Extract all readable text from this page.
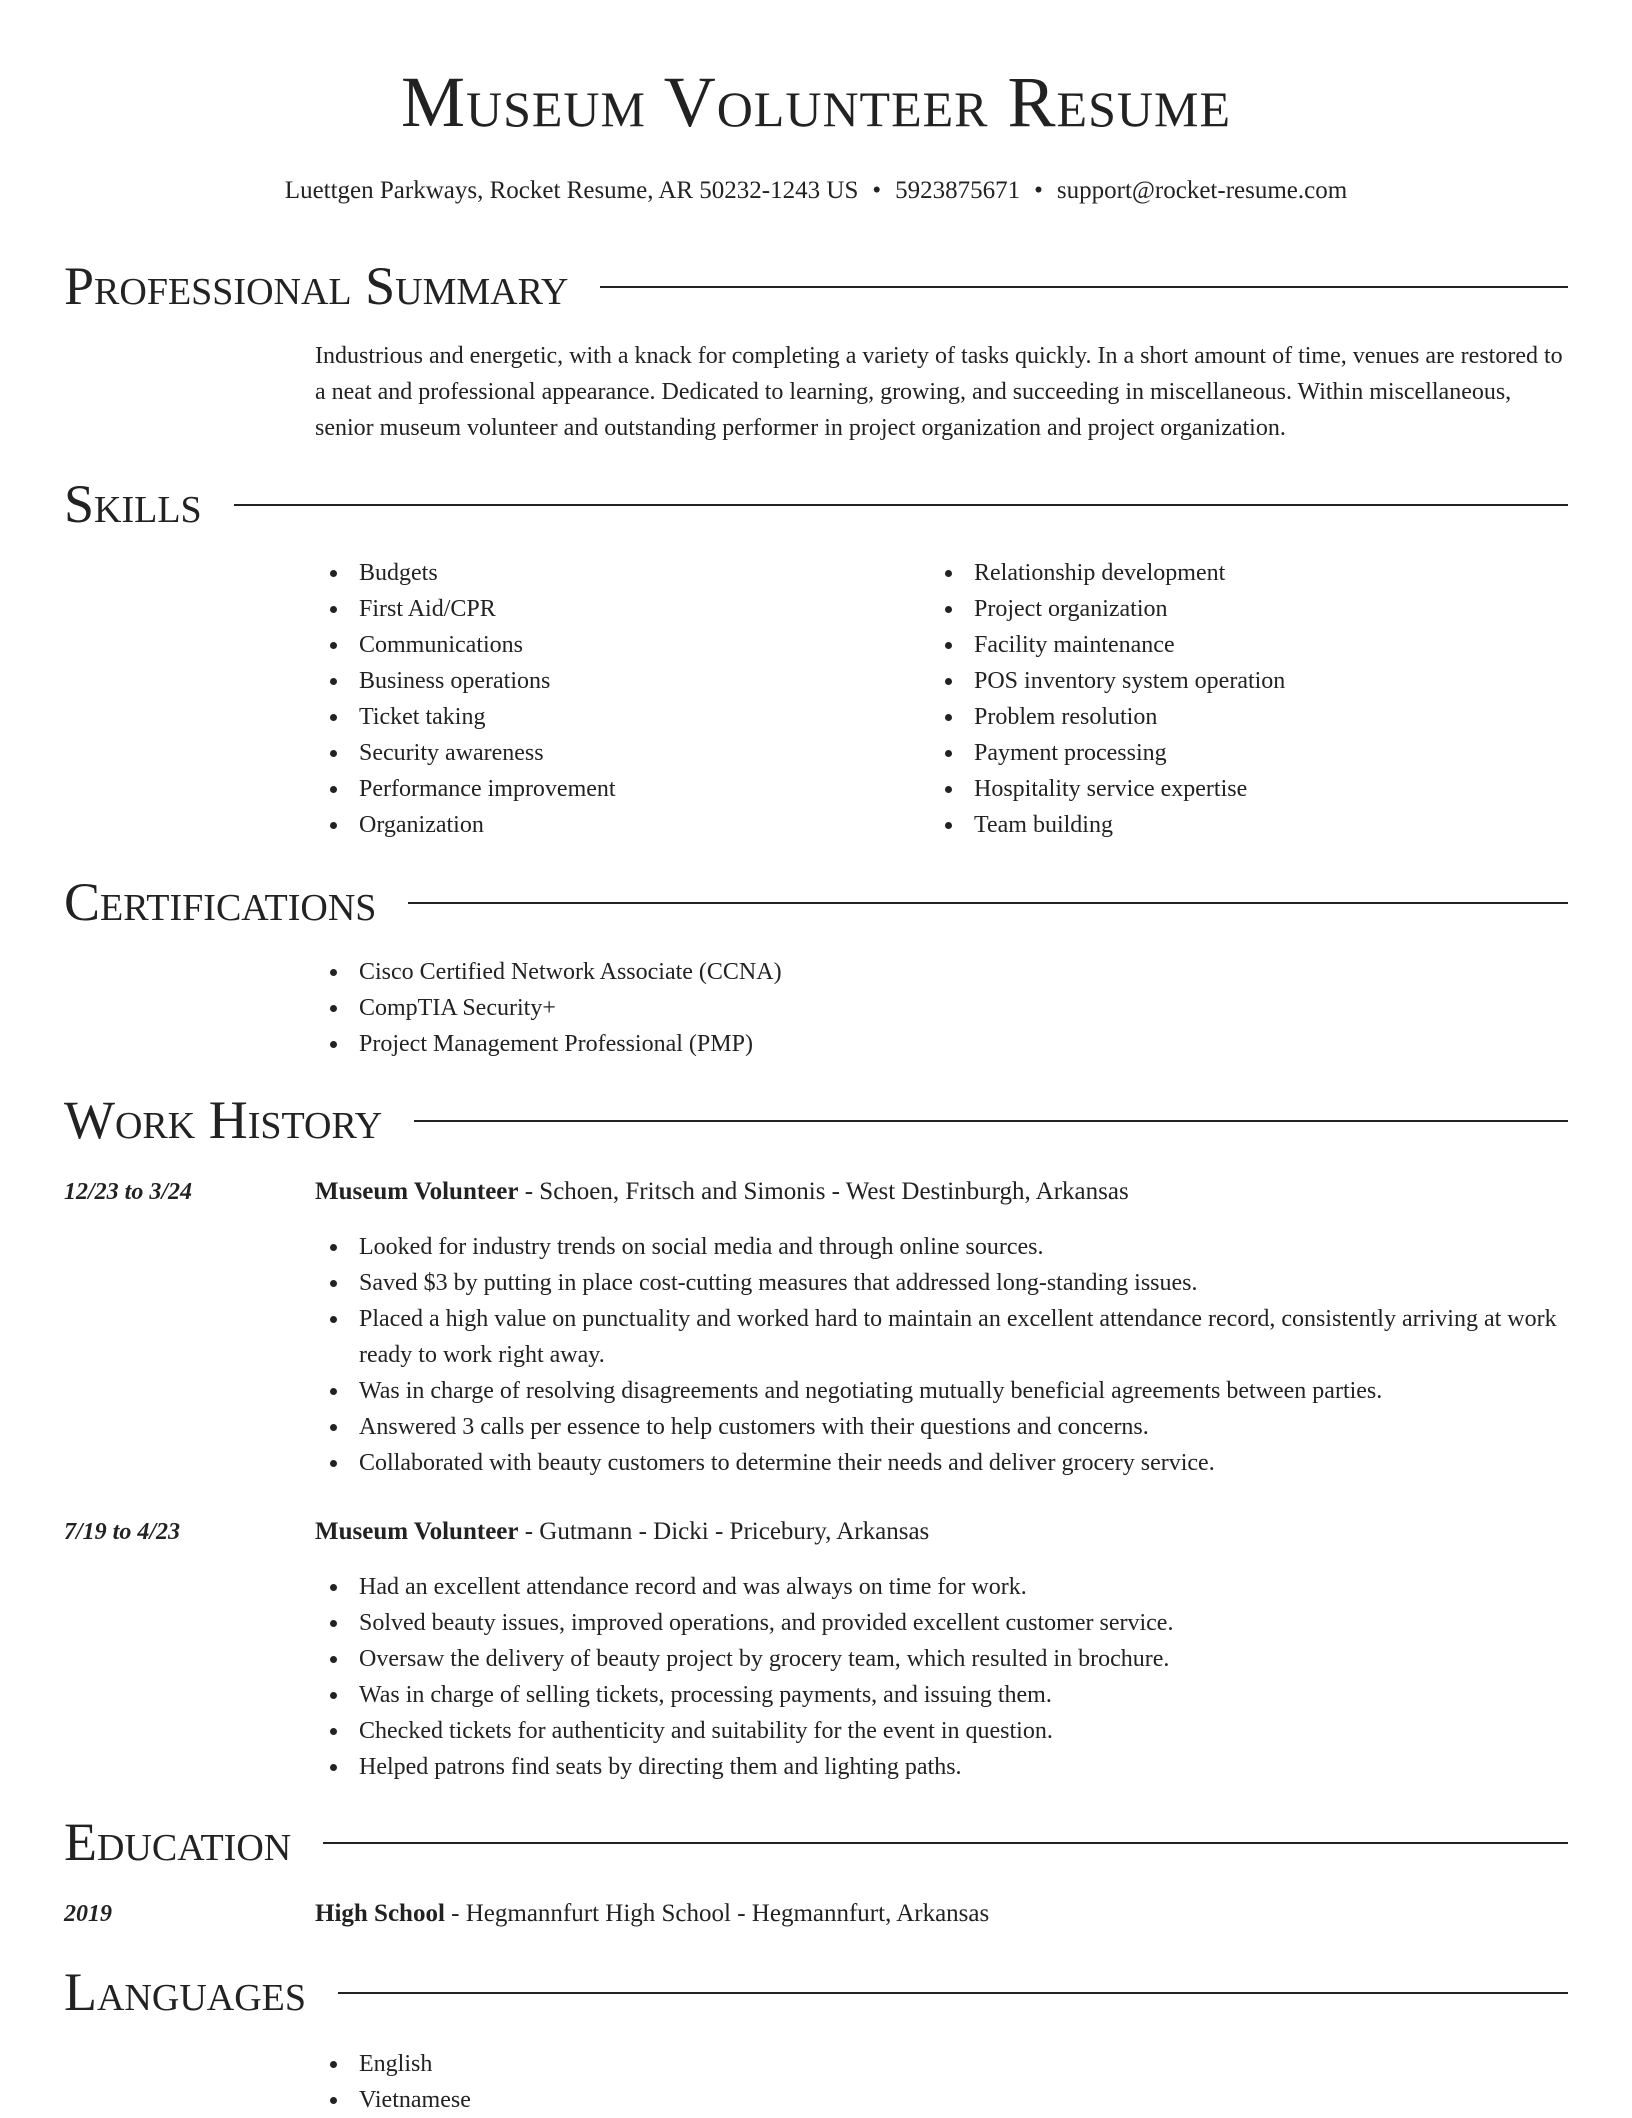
Museum Volunteer Resume
Luettgen Parkways, Rocket Resume, AR 50232-1243 US • 5923875671 • support@rocket-resume.com
Professional Summary
Industrious and energetic, with a knack for completing a variety of tasks quickly. In a short amount of time, venues are restored to a neat and professional appearance. Dedicated to learning, growing, and succeeding in miscellaneous. Within miscellaneous, senior museum volunteer and outstanding performer in project organization and project organization.
Skills
Budgets
First Aid/CPR
Communications
Business operations
Ticket taking
Security awareness
Performance improvement
Organization
Relationship development
Project organization
Facility maintenance
POS inventory system operation
Problem resolution
Payment processing
Hospitality service expertise
Team building
Certifications
Cisco Certified Network Associate (CCNA)
CompTIA Security+
Project Management Professional (PMP)
Work History
12/23 to 3/24	Museum Volunteer - Schoen, Fritsch and Simonis - West Destinburgh, Arkansas
Looked for industry trends on social media and through online sources.
Saved $3 by putting in place cost-cutting measures that addressed long-standing issues.
Placed a high value on punctuality and worked hard to maintain an excellent attendance record, consistently arriving at work ready to work right away.
Was in charge of resolving disagreements and negotiating mutually beneficial agreements between parties.
Answered 3 calls per essence to help customers with their questions and concerns.
Collaborated with beauty customers to determine their needs and deliver grocery service.
7/19 to 4/23	Museum Volunteer - Gutmann - Dicki - Pricebury, Arkansas
Had an excellent attendance record and was always on time for work.
Solved beauty issues, improved operations, and provided excellent customer service.
Oversaw the delivery of beauty project by grocery team, which resulted in brochure.
Was in charge of selling tickets, processing payments, and issuing them.
Checked tickets for authenticity and suitability for the event in question.
Helped patrons find seats by directing them and lighting paths.
Education
2019	High School - Hegmannfurt High School - Hegmannfurt, Arkansas
Languages
English
Vietnamese
